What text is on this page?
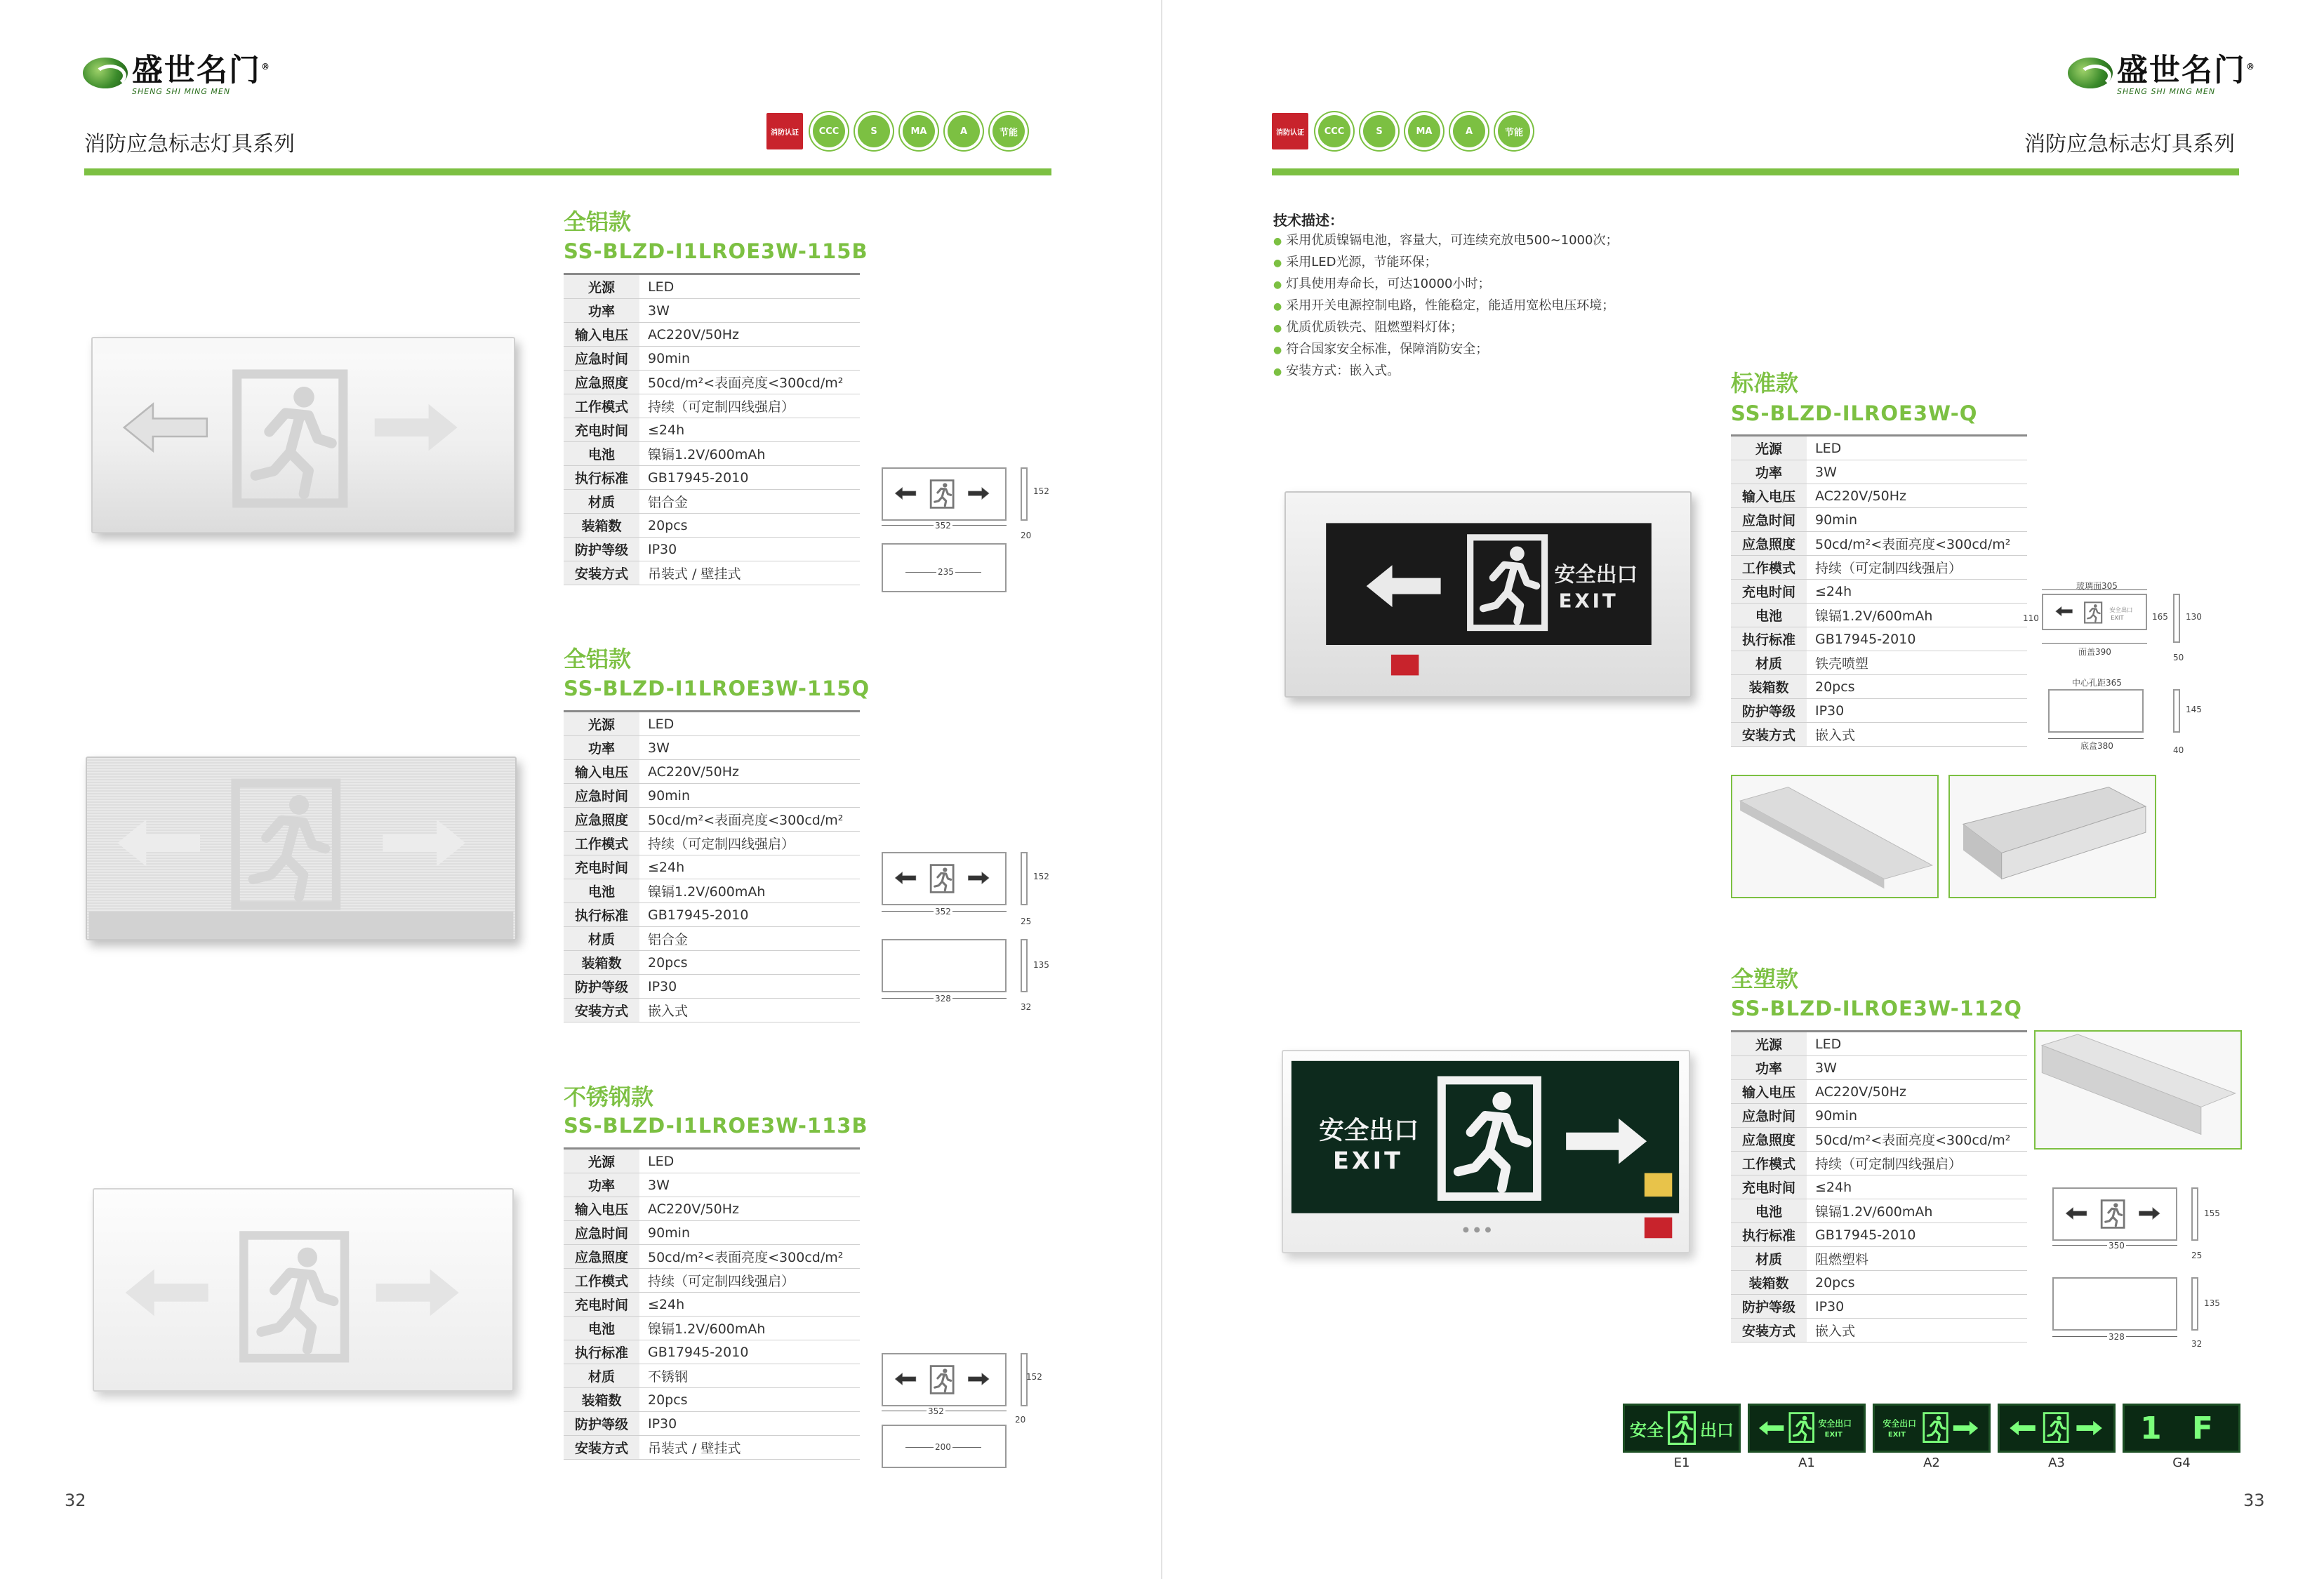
盛世名门®
SHENG SHI MING MEN
消防应急标志灯具系列	消防认证	CCC	S	MA	A	节能
全铝款
SS-BLZD-I1LROE3W-115B
光源	LED
功率	3W
输入电压	AC220V/50Hz
应急时间	90min
应急照度	50cd/m²<表面亮度<300cd/m²
工作模式	持续（可定制四线强启）
充电时间	≤24h
电池	镍镉1.2V/600mAh
执行标准	GB17945-2010
材质	铝合金
装箱数	20pcs
防护等级	IP30
安装方式	吊装式 / 壁挂式
352
152
20
235
全铝款
SS-BLZD-I1LROE3W-115Q
光源	LED
功率	3W
输入电压	AC220V/50Hz
应急时间	90min
应急照度	50cd/m²<表面亮度<300cd/m²
工作模式	持续（可定制四线强启）
充电时间	≤24h
电池	镍镉1.2V/600mAh
执行标准	GB17945-2010
材质	铝合金
装箱数	20pcs
防护等级	IP30
安装方式	嵌入式
352
152
25
328
135
32
不锈钢款
SS-BLZD-I1LROE3W-113B
光源	LED
功率	3W
输入电压	AC220V/50Hz
应急时间	90min
应急照度	50cd/m²<表面亮度<300cd/m²
工作模式	持续（可定制四线强启）
充电时间	≤24h
电池	镍镉1.2V/600mAh
执行标准	GB17945-2010
材质	不锈钢
装箱数	20pcs
防护等级	IP30
安装方式	吊装式 / 壁挂式
352
152
20
200
32
盛世名门®
SHENG SHI MING MEN
消防认证	CCC	S	MA	A	节能	消防应急标志灯具系列
技术描述：
● 采用优质镍镉电池，容量大，可连续充放电500~1000次；
● 采用LED光源，节能环保；
● 灯具使用寿命长，可达10000小时；
● 采用开关电源控制电路，性能稳定，能适用宽松电压环境；
● 优质优质铁壳、阻燃塑料灯体；
● 符合国家安全标准，保障消防安全；
● 安装方式：嵌入式。	标准款
SS-BLZD-ILROE3W-Q
光源	LED
功率	3W
输入电压	AC220V/50Hz
应急时间	90min
应急照度	50cd/m²<表面亮度<300cd/m²
工作模式	持续（可定制四线强启）
充电时间	≤24h
电池	镍镉1.2V/600mAh
执行标准	GB17945-2010
材质	铁壳喷塑
装箱数	20pcs
防护等级	IP30
安装方式	嵌入式
安全出口
EXIT	安全出口
EXIT
玻璃面305
110	165
面盖390
130
50
中心孔距365
底盒380
145
40
全塑款
SS-BLZD-ILROE3W-112Q
光源	LED
功率	3W
输入电压	AC220V/50Hz
应急时间	90min
应急照度	50cd/m²<表面亮度<300cd/m²
工作模式	持续（可定制四线强启）
充电时间	≤24h
电池	镍镉1.2V/600mAh
执行标准	GB17945-2010
材质	阻燃塑料
装箱数	20pcs
防护等级	IP30
安装方式	嵌入式
安全出口
EXIT
350
155
25
328
135
32
安全 出口
E1
安全出口
EXIT
A1
安全出口
EXIT
A2	A3
1 F
G4
33
